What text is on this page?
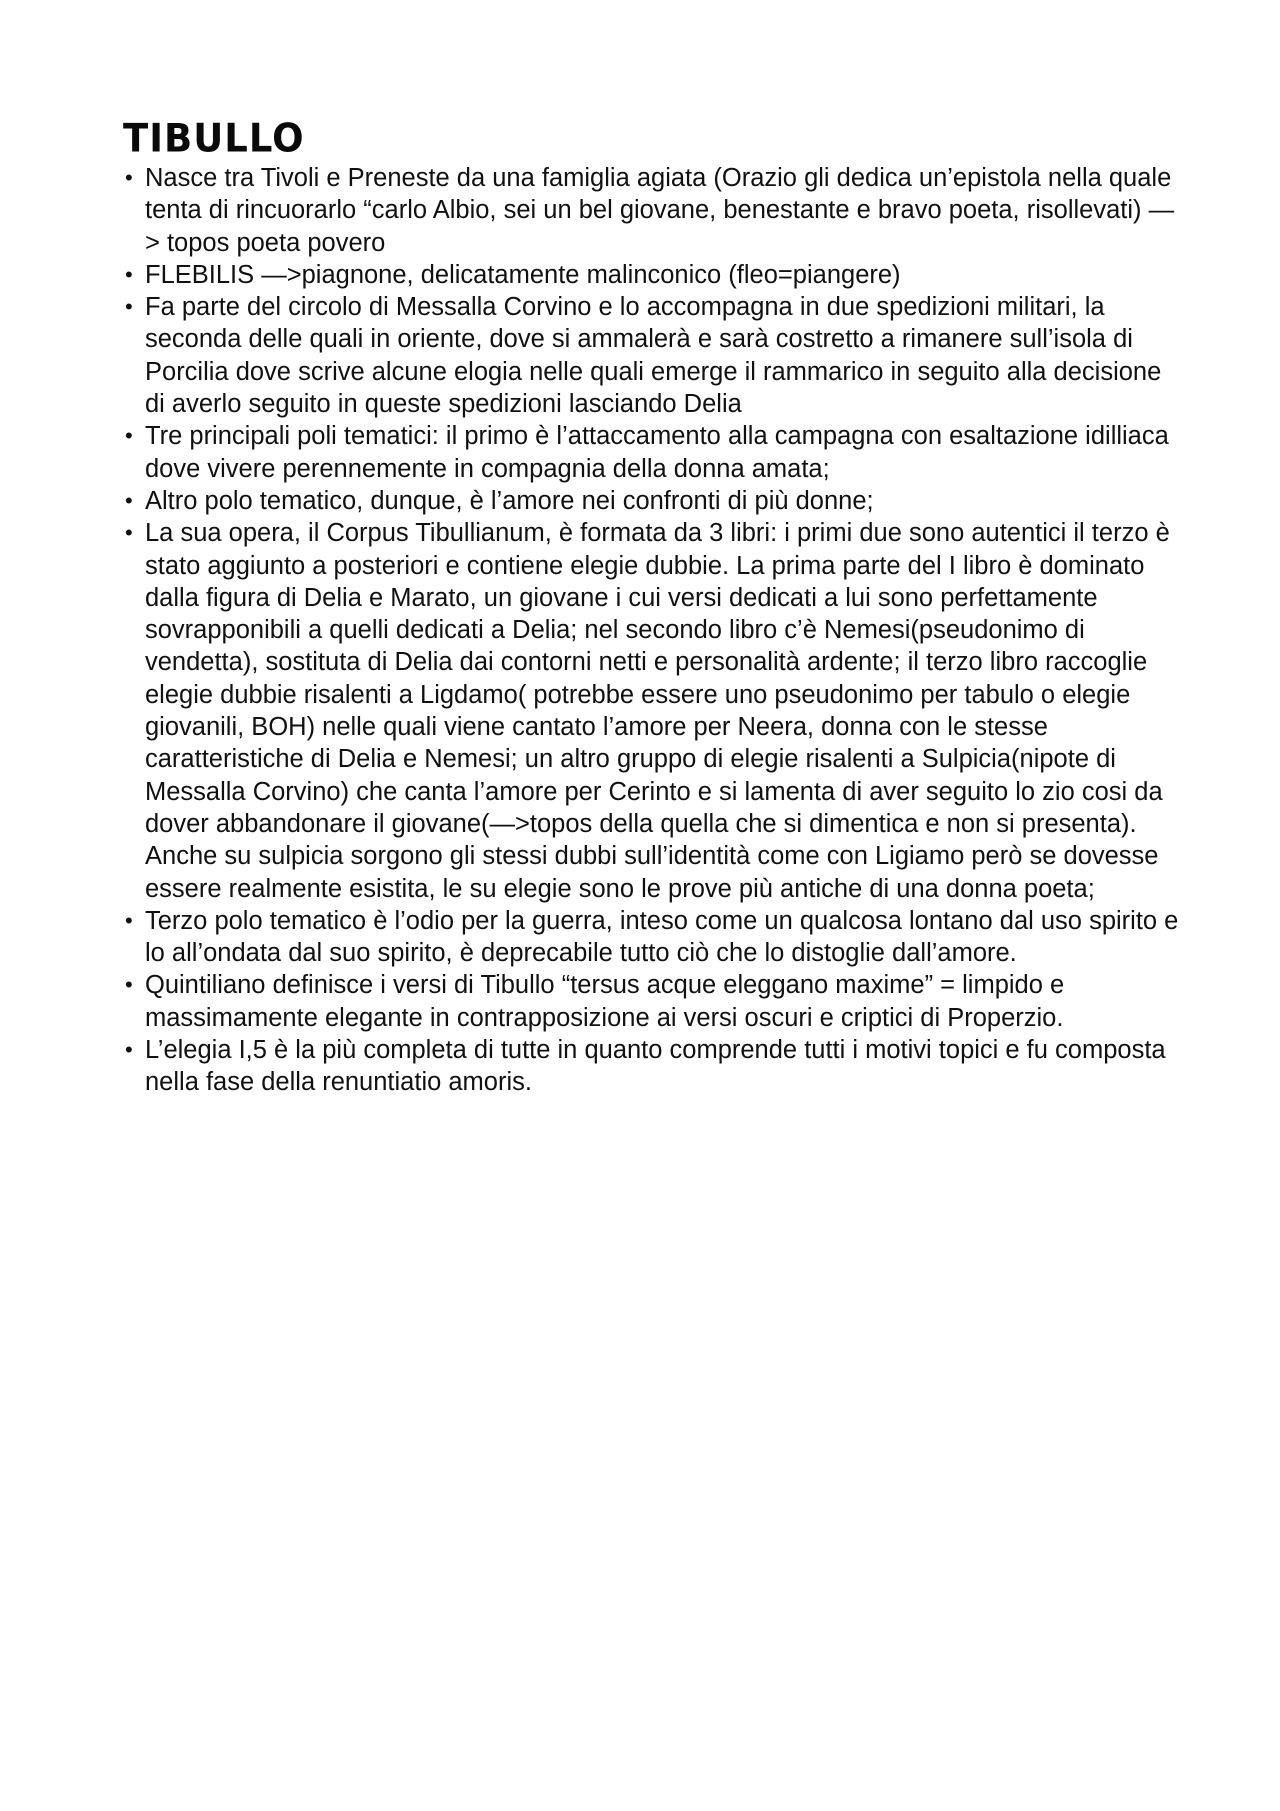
TIBULLO
• Nasce tra Tivoli e Preneste da una famiglia agiata (Orazio gli dedica un’epistola nella quale tenta di rincuorarlo “carlo Albio, sei un bel giovane, benestante e bravo poeta, risollevati) —> topos poeta povero
• FLEBILIS —>piagnone, delicatamente malinconico (fleo=piangere)
• Fa parte del circolo di Messalla Corvino e lo accompagna in due spedizioni militari, la seconda delle quali in oriente, dove si ammalerà e sarà costretto a rimanere sull’isola di Porcilia dove scrive alcune elogia nelle quali emerge il rammarico in seguito alla decisione di averlo seguito in queste spedizioni lasciando Delia
• Tre principali poli tematici: il primo è l’attaccamento alla campagna con esaltazione idilliaca dove vivere perennemente in compagnia della donna amata;
• Altro polo tematico, dunque, è l’amore nei confronti di più donne;
• La sua opera, il Corpus Tibullianum, è formata da 3 libri: i primi due sono autentici il terzo è stato aggiunto a posteriori e contiene elegie dubbie. La prima parte del I libro è dominato dalla figura di Delia e Marato, un giovane i cui versi dedicati a lui sono perfettamente sovrapponibili a quelli dedicati a Delia; nel secondo libro c’è Nemesi(pseudonimo di vendetta), sostituta di Delia dai contorni netti e personalità ardente; il terzo libro raccoglie elegie dubbie risalenti a Ligdamo( potrebbe essere uno pseudonimo per tabulo o elegie giovanili, BOH) nelle quali viene cantato l’amore per Neera, donna con le stesse caratteristiche di Delia e Nemesi; un altro gruppo di elegie risalenti a Sulpicia(nipote di Messalla Corvino) che canta l’amore per Cerinto e si lamenta di aver seguito lo zio cosi da dover abbandonare il giovane(—>topos della quella che si dimentica e non si presenta). Anche su sulpicia sorgono gli stessi dubbi sull’identità come con Ligiamo però se dovesse essere realmente esistita, le su elegie sono le prove più antiche di una donna poeta;
• Terzo polo tematico è l’odio per la guerra, inteso come un qualcosa lontano dal uso spirito e lo all’ondata dal suo spirito, è deprecabile tutto ciò che lo distoglie dall’amore.
• Quintiliano definisce i versi di Tibullo “tersus acque eleggano maxime” = limpido e massimamente elegante in contrapposizione ai versi oscuri e criptici di Properzio.
• L’elegia I,5 è la più completa di tutte in quanto comprende tutti i motivi topici e fu composta nella fase della renuntiatio amoris.
